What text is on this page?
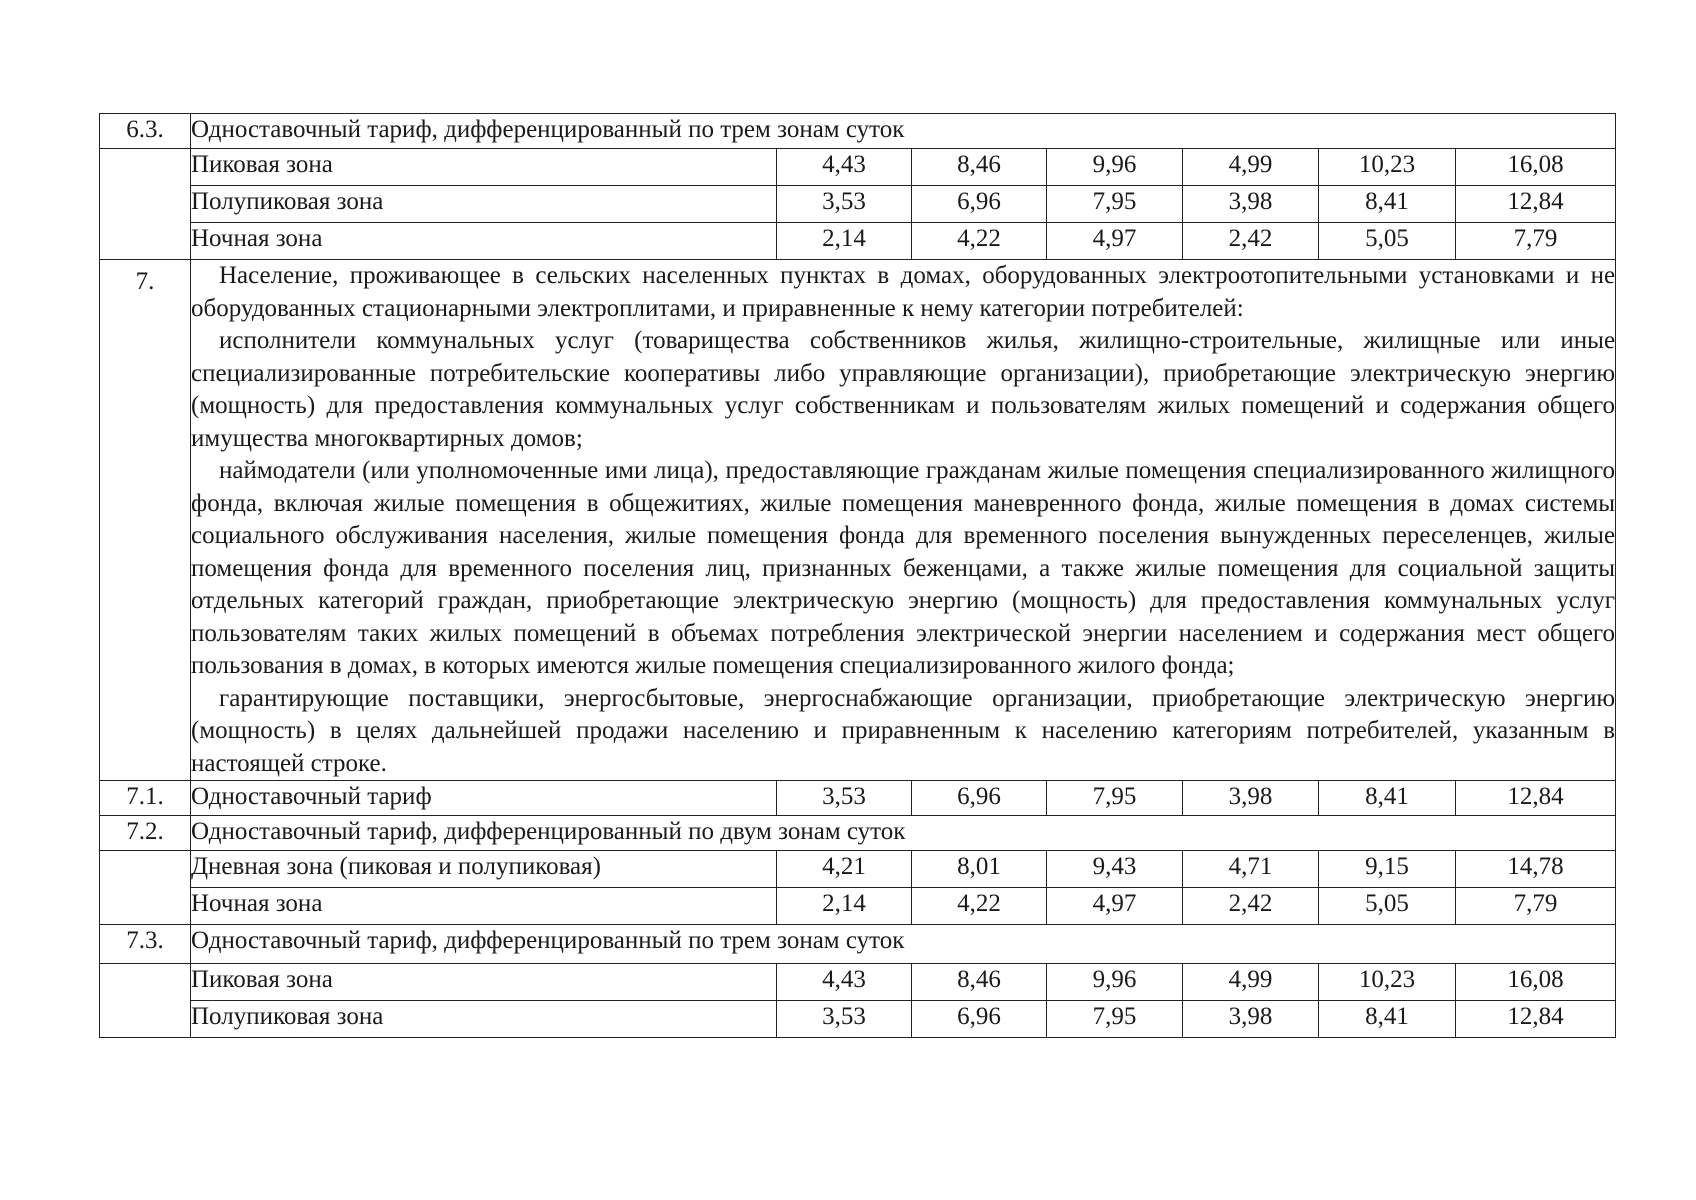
6.3.	Одноставочный тариф, дифференцированный по трем зонам суток						
	Пиковая зона	4,43	8,46	9,96	4,99	10,23	16,08
	Полупиковая зона	3,53	6,96	7,95	3,98	8,41	12,84
	Ночная зона	2,14	4,22	4,97	2,42	5,05	7,79
7.	Население, проживающее в сельских населенных пунктах в домах, оборудованных электроотопительными установками и не оборудованных стационарными электроплитами, и приравненные к нему категории потребителей:

исполнители коммунальных услуг (товарищества собственников жилья, жилищно-строительные, жилищные или иные специализированные потребительские кооперативы либо управляющие организации), приобретающие электрическую энергию (мощность) для предоставления коммунальных услуг собственникам и пользователям жилых помещений и содержания общего имущества многоквартирных домов;

наймодатели (или уполномоченные ими лица), предоставляющие гражданам жилые помещения специализированного жилищного фонда, включая жилые помещения в общежитиях, жилые помещения маневренного фонда, жилые помещения в домах системы социального обслуживания населения, жилые помещения фонда для временного поселения вынужденных переселенцев, жилые помещения фонда для временного поселения лиц, признанных беженцами, а также жилые помещения для социальной защиты отдельных категорий граждан, приобретающие электрическую энергию (мощность) для предоставления коммунальных услуг пользователям таких жилых помещений в объемах потребления электрической энергии населением и содержания мест общего пользования в домах, в которых имеются жилые помещения специализированного жилого фонда;

гарантирующие поставщики, энергосбытовые, энергоснабжающие организации, приобретающие электрическую энергию (мощность) в целях дальнейшей продажи населению и приравненным к населению категориям потребителей, указанным в настоящей строке.						

7.1.	Одноставочный тариф	3,53	6,96	7,95	3,98	8,41	12,84
7.2.	Одноставочный тариф, дифференцированный по двум зонам суток						
	Дневная зона (пиковая и полупиковая)	4,21	8,01	9,43	4,71	9,15	14,78
	Ночная зона	2,14	4,22	4,97	2,42	5,05	7,79
7.3.	Одноставочный тариф, дифференцированный по трем зонам суток						
	Пиковая зона	4,43	8,46	9,96	4,99	10,23	16,08
	Полупиковая зона	3,53	6,96	7,95	3,98	8,41	12,84
